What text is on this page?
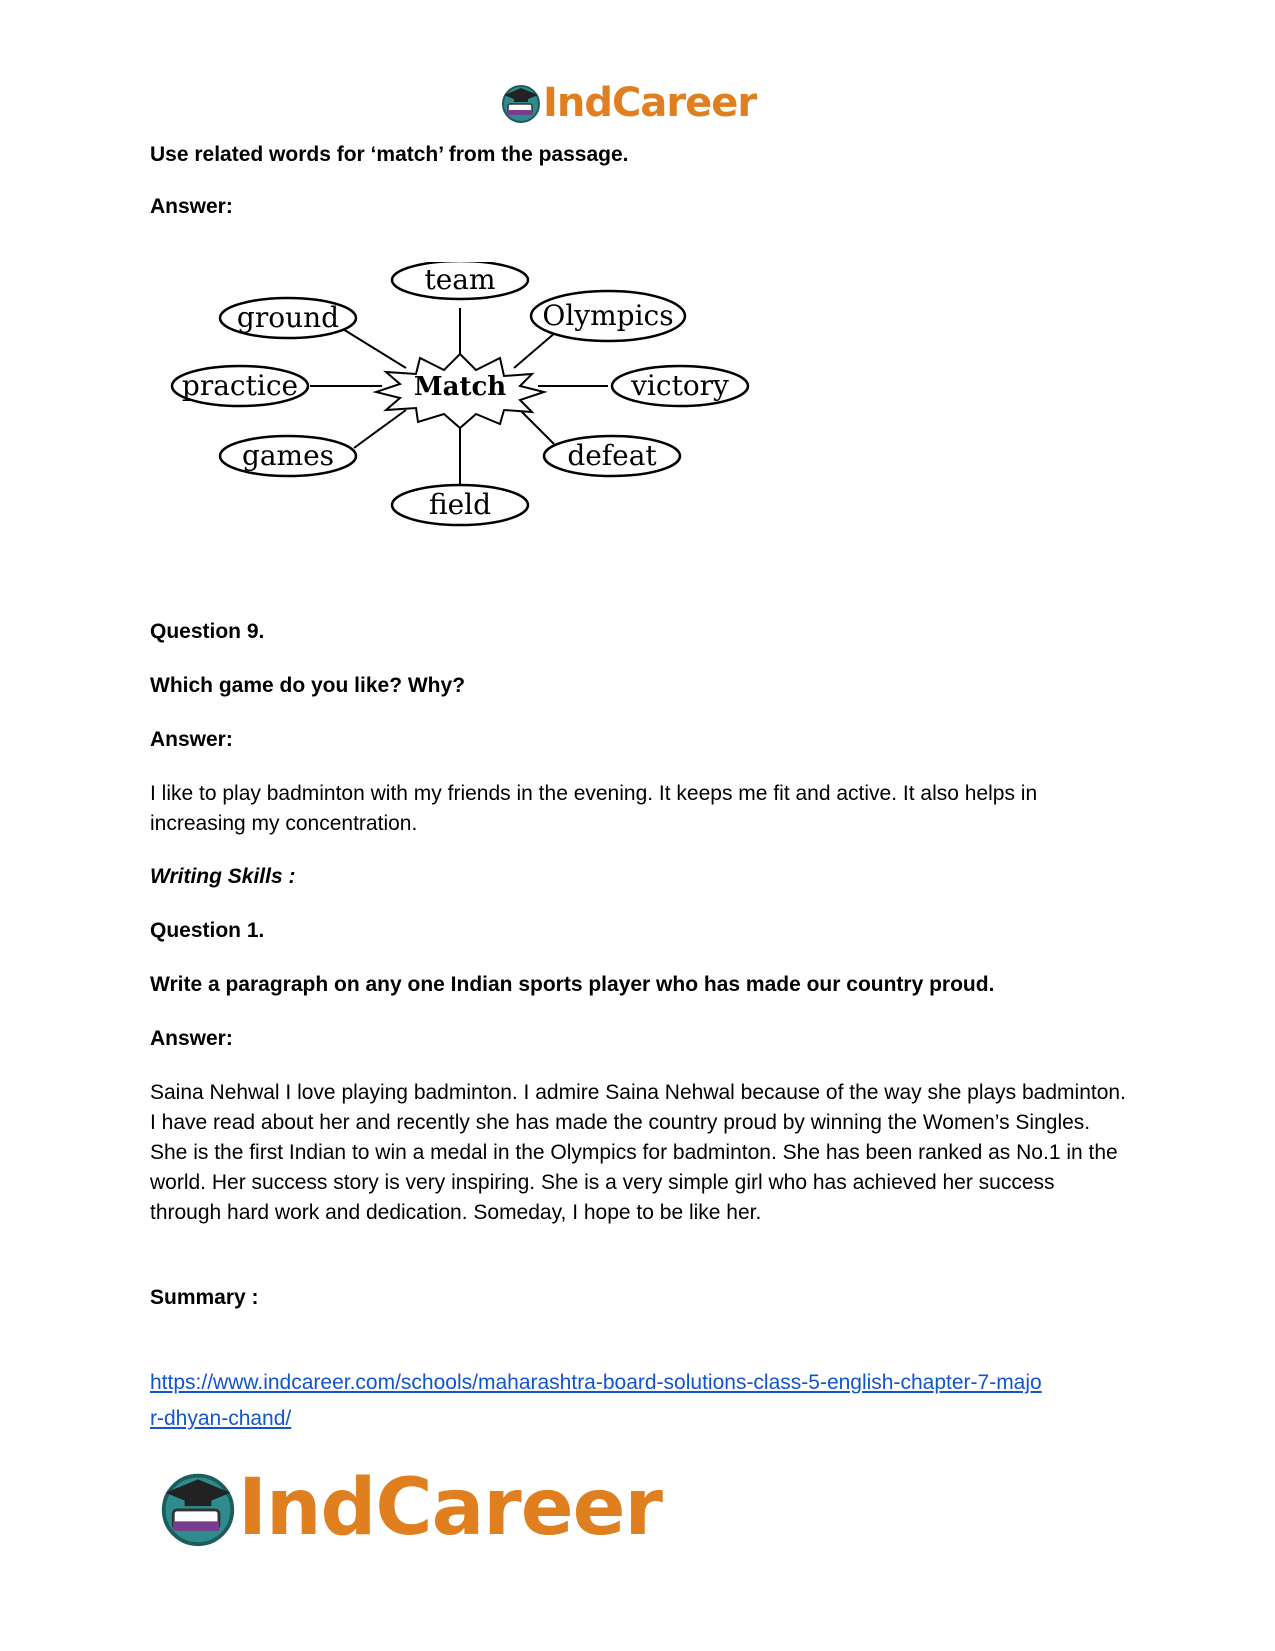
IndCareer

Use related words for ‘match’ from the passage.

Answer:

Match
team
Olympics
victory
defeat
field
games
practice
ground

Question 9.

Which game do you like? Why?

Answer:

I like to play badminton with my friends in the evening. It keeps me fit and active. It also helps in increasing my concentration.

Writing Skills :

Question 1.

Write a paragraph on any one Indian sports player who has made our country proud.

Answer:

Saina Nehwal I love playing badminton. I admire Saina Nehwal because of the way she plays badminton. I have read about her and recently she has made the country proud by winning the Women’s Singles. She is the first Indian to win a medal in the Olympics for badminton. She has been ranked as No.1 in the world. Her success story is very inspiring. She is a very simple girl who has achieved her success through hard work and dedication. Someday, I hope to be like her.

Summary :

https://www.indcareer.com/schools/maharashtra-board-solutions-class-5-english-chapter-7-majo
r-dhyan-chand/
IndCareer
